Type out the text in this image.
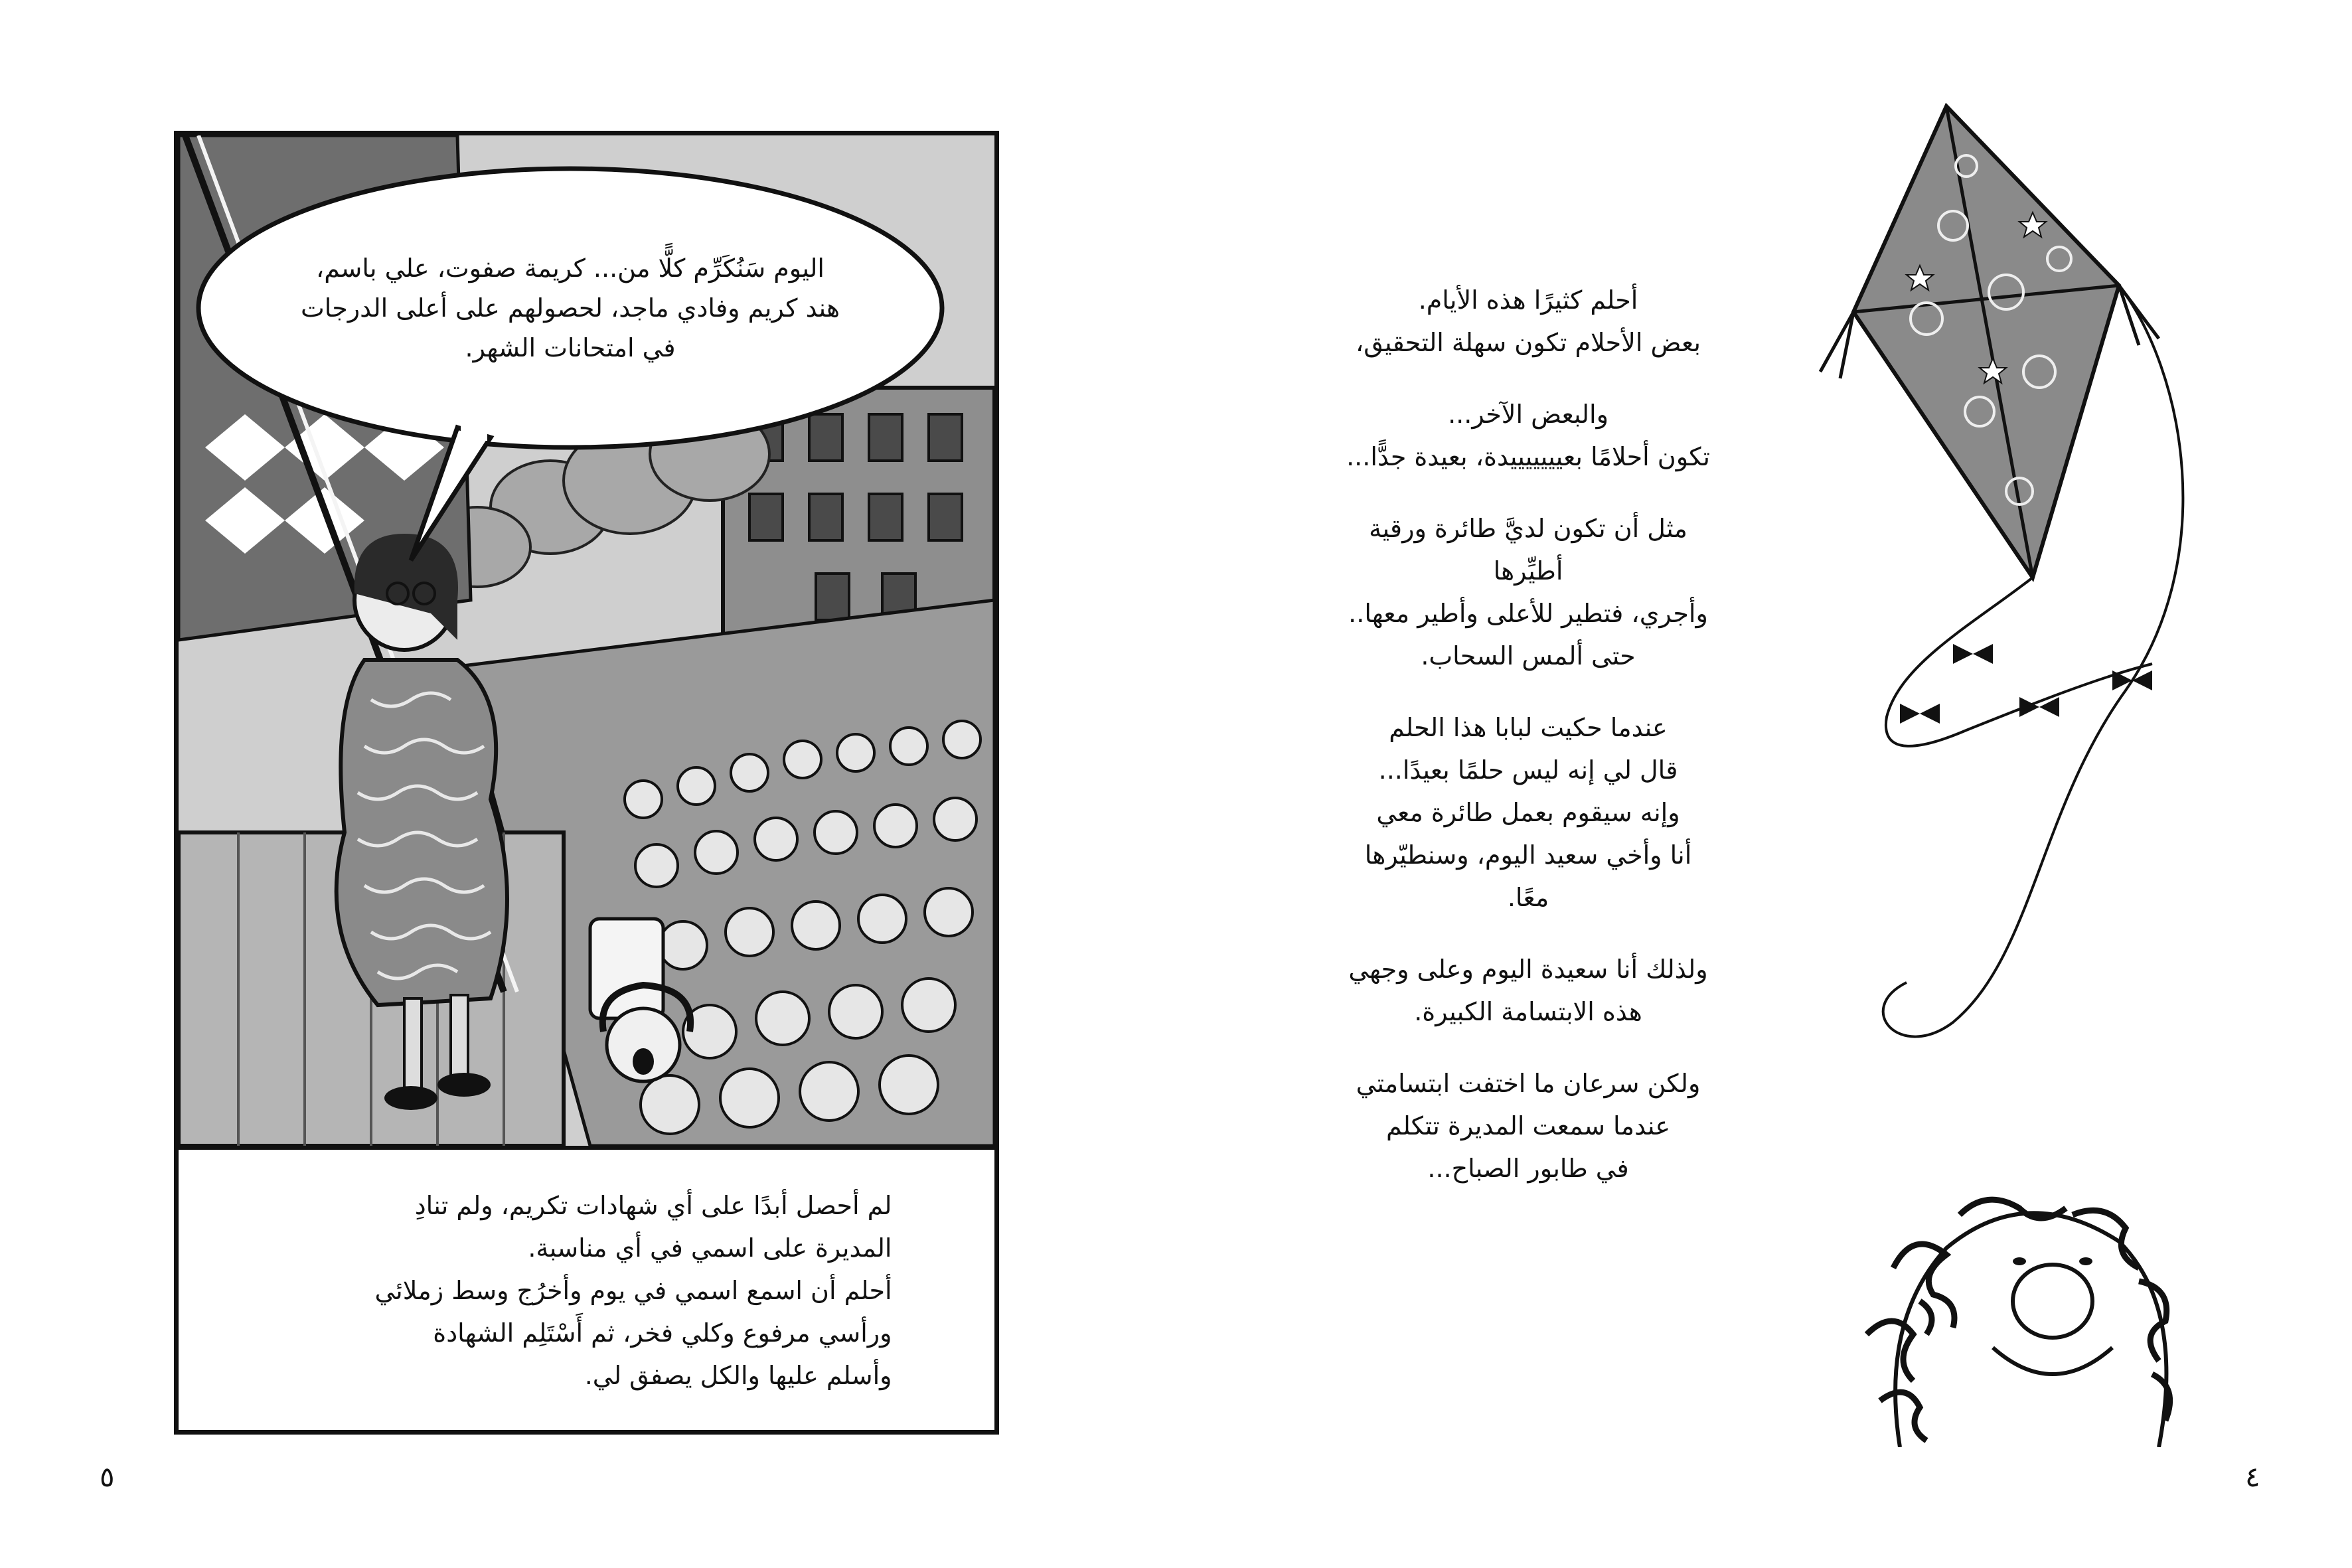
اليوم سَنُكَرِّم كلًّا من... كريمة صفوت، علي باسم،
هند كريم وفادي ماجد، لحصولهم على أعلى الدرجات
في امتحانات الشهر.
لم أحصل أبدًا على أي شهادات تكريم، ولم تنادِ
المديرة على اسمي في أي مناسبة.
أحلم أن اسمع اسمي في يوم وأخرُج وسط زملائي
ورأسي مرفوع وكلي فخر، ثم أَسْتَلِم الشهادة
وأسلم عليها والكل يصفق لي.
٥

أحلم كثيرًا هذه الأيام.
بعض الأحلام تكون سهلة التحقيق،

والبعض الآخر...
تكون أحلامًا بعيييييييدة، بعيدة جدًّا...

مثل أن تكون لديَّ طائرة ورقية أطيِّرها
وأجري، فتطير للأعلى وأطير معها..
حتى ألمس السحاب.

عندما حكيت لبابا هذا الحلم
قال لي إنه ليس حلمًا بعيدًا...
وإنه سيقوم بعمل طائرة معي
أنا وأخي سعيد اليوم، وسنطيّرها معًا.

ولذلك أنا سعيدة اليوم وعلى وجهي
هذه الابتسامة الكبيرة.

ولكن سرعان ما اختفت ابتسامتي
عندما سمعت المديرة تتكلم
في طابور الصباح...

٤
